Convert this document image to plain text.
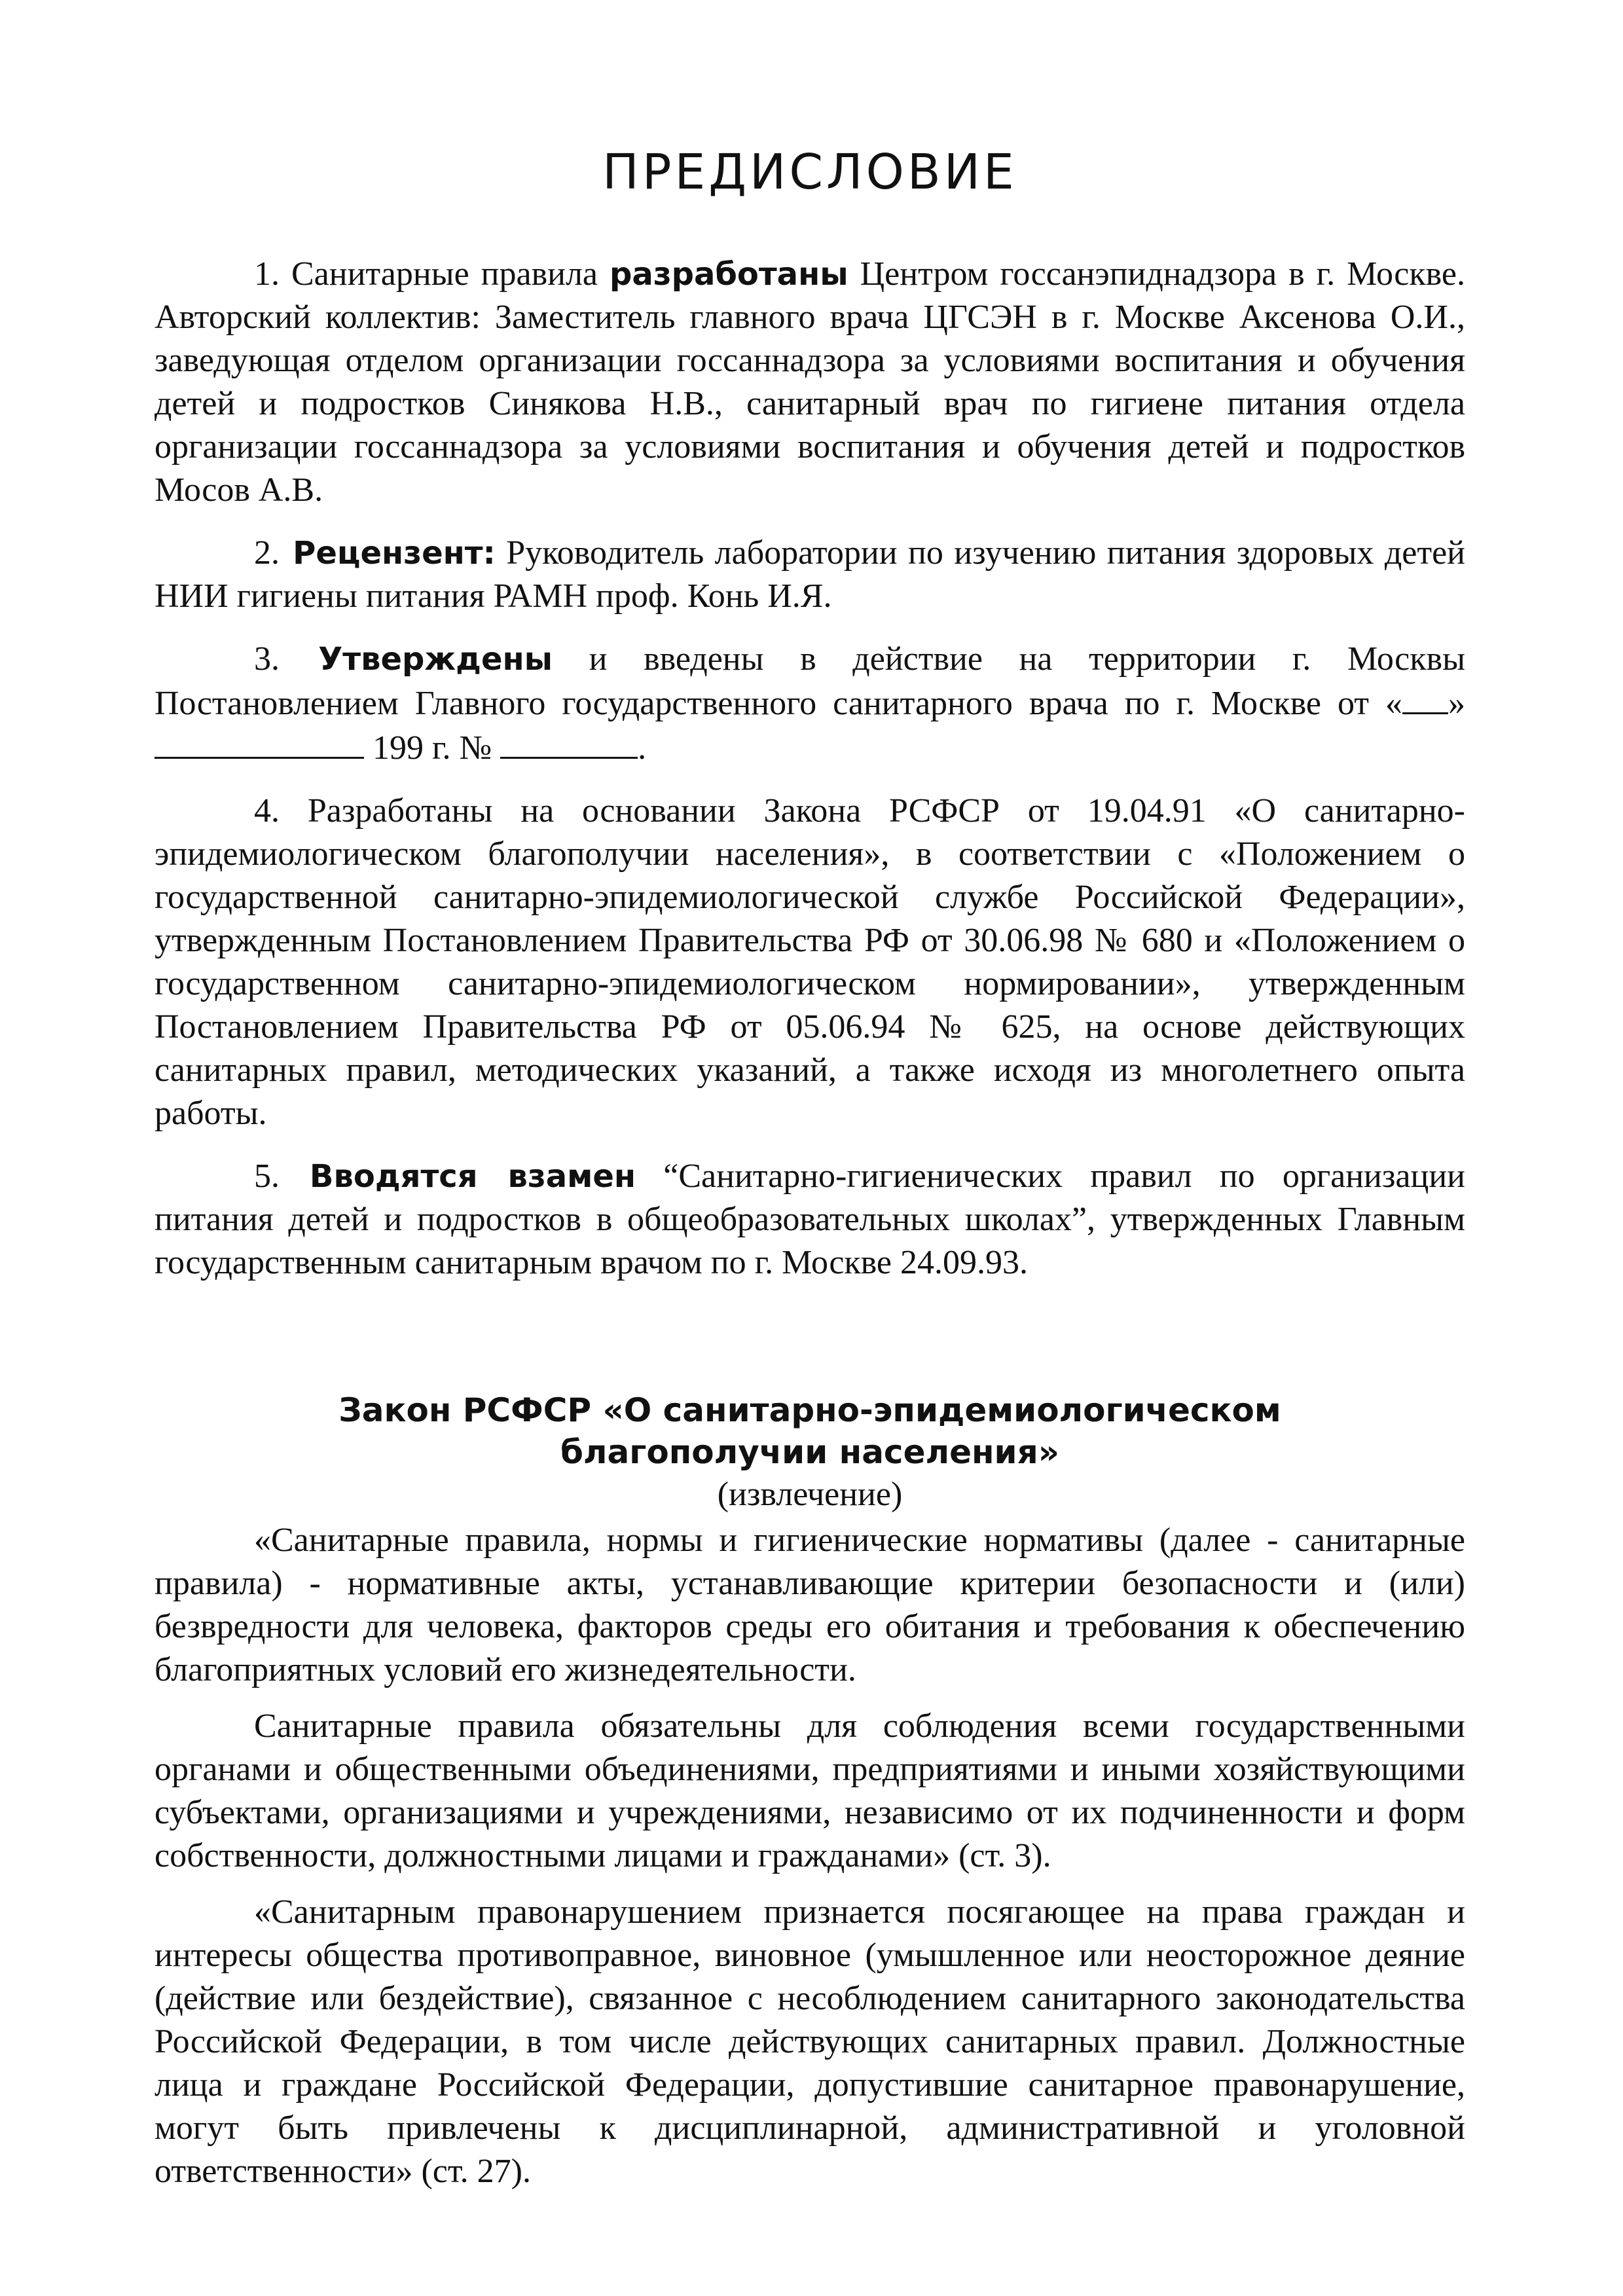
ПРЕДИСЛОВИЕ

1. Санитарные правила разработаны Центром госсанэпиднадзора в г. Москве. Авторский коллектив: Заместитель главного врача ЦГСЭН в г. Москве Аксенова О.И., заведующая отделом организации госсаннадзора за условиями воспитания и обучения детей и подростков Синякова Н.В., санитарный врач по гигиене питания отдела организации госсаннадзора за условиями воспитания и обучения детей и подростков Мосов А.В.

2. Рецензент: Руководитель лаборатории по изучению питания здоровых детей НИИ гигиены питания РАМН проф. Конь И.Я.

3. Утверждены и введены в действие на территории г. Москвы Постановлением Главного государственного санитарного врача по г. Москве от « »  199 г. №	.

4. Разработаны на основании Закона РСФСР от 19.04.91 «О санитарно-эпидемиологическом благополучии населения», в соответствии с «Положением о государственной санитарно-эпидемиологической службе Российской Федерации», утвержденным Постановлением Правительства РФ от 30.06.98 № 680 и «Положением о государственном санитарно-эпидемиологическом нормировании», утвержденным Постановлением Правительства РФ от 05.06.94 № 625, на основе действующих санитарных правил, методических указаний, а также исходя из многолетнего опыта работы.

5. Вводятся взамен “Санитарно-гигиенических правил по организации питания детей и подростков в общеобразовательных школах”, утвержденных Главным государственным санитарным врачом по г. Москве 24.09.93.

Закон РСФСР «О санитарно-эпидемиологическом
благополучии населения»
(извлечение)

«Санитарные правила, нормы и гигиенические нормативы (далее - санитарные правила) - нормативные акты, устанавливающие критерии безопасности и (или) безвредности для человека, факторов среды его обитания и требования к обеспечению благоприятных условий его жизнедеятельности.

Санитарные правила обязательны для соблюдения всеми государственными органами и общественными объединениями, предприятиями и иными хозяйствующими субъектами, организациями и учреждениями, независимо от их подчиненности и форм собственности, должностными лицами и гражданами» (ст. 3).

«Санитарным правонарушением признается посягающее на права граждан и интересы общества противоправное, виновное (умышленное или неосторожное деяние (действие или бездействие), связанное с несоблюдением санитарного законодательства Российской Федерации, в том числе действующих санитарных правил. Должностные лица и граждане Российской Федерации, допустившие санитарное правонарушение, могут быть привлечены к дисциплинарной, административной и уголовной ответственности» (ст. 27).
